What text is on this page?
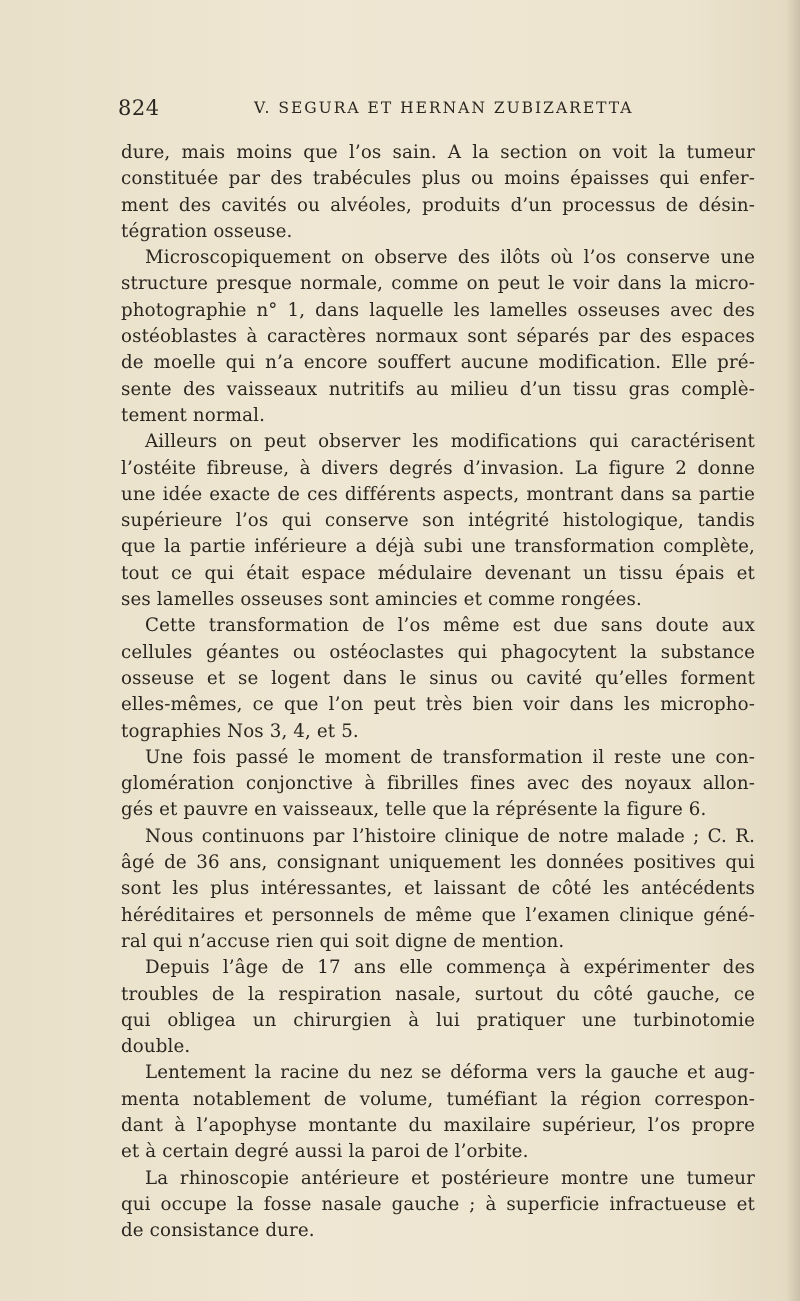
824	V. SEGURA ET HERNAN ZUBIZARETTA
dure, mais moins que l’os sain. A la section on voit la tumeur
constituée par des trabécules plus ou moins épaisses qui enfer-
ment des cavités ou alvéoles, produits d’un processus de désin-
tégration osseuse.
Microscopiquement on observe des ilôts où l’os conserve une
structure presque normale, comme on peut le voir dans la micro-
photographie n° 1, dans laquelle les lamelles osseuses avec des
ostéoblastes à caractères normaux sont séparés par des espaces
de moelle qui n’a encore souffert aucune modification. Elle pré-
sente des vaisseaux nutritifs au milieu d’un tissu gras complè-
tement normal.
Ailleurs on peut observer les modifications qui caractérisent
l’ostéite fibreuse, à divers degrés d’invasion. La figure 2 donne
une idée exacte de ces différents aspects, montrant dans sa partie
supérieure l’os qui conserve son intégrité histologique, tandis
que la partie inférieure a déjà subi une transformation complète,
tout ce qui était espace médulaire devenant un tissu épais et
ses lamelles osseuses sont amincies et comme rongées.
Cette transformation de l’os même est due sans doute aux
cellules géantes ou ostéoclastes qui phagocytent la substance
osseuse et se logent dans le sinus ou cavité qu’elles forment
elles-mêmes, ce que l’on peut très bien voir dans les micropho-
tographies Nos 3, 4, et 5.
Une fois passé le moment de transformation il reste une con-
glomération conjonctive à fibrilles fines avec des noyaux allon-
gés et pauvre en vaisseaux, telle que la réprésente la figure 6.
Nous continuons par l’histoire clinique de notre malade ; C. R.
âgé de 36 ans, consignant uniquement les données positives qui
sont les plus intéressantes, et laissant de côté les antécédents
héréditaires et personnels de même que l’examen clinique géné-
ral qui n’accuse rien qui soit digne de mention.
Depuis l’âge de 17 ans elle commença à expérimenter des
troubles de la respiration nasale, surtout du côté gauche, ce
qui obligea un chirurgien à lui pratiquer une turbinotomie
double.
Lentement la racine du nez se déforma vers la gauche et aug-
menta notablement de volume, tuméfiant la région correspon-
dant à l’apophyse montante du maxilaire supérieur, l’os propre
et à certain degré aussi la paroi de l’orbite.
La rhinoscopie antérieure et postérieure montre une tumeur
qui occupe la fosse nasale gauche ; à superficie infractueuse et
de consistance dure.
